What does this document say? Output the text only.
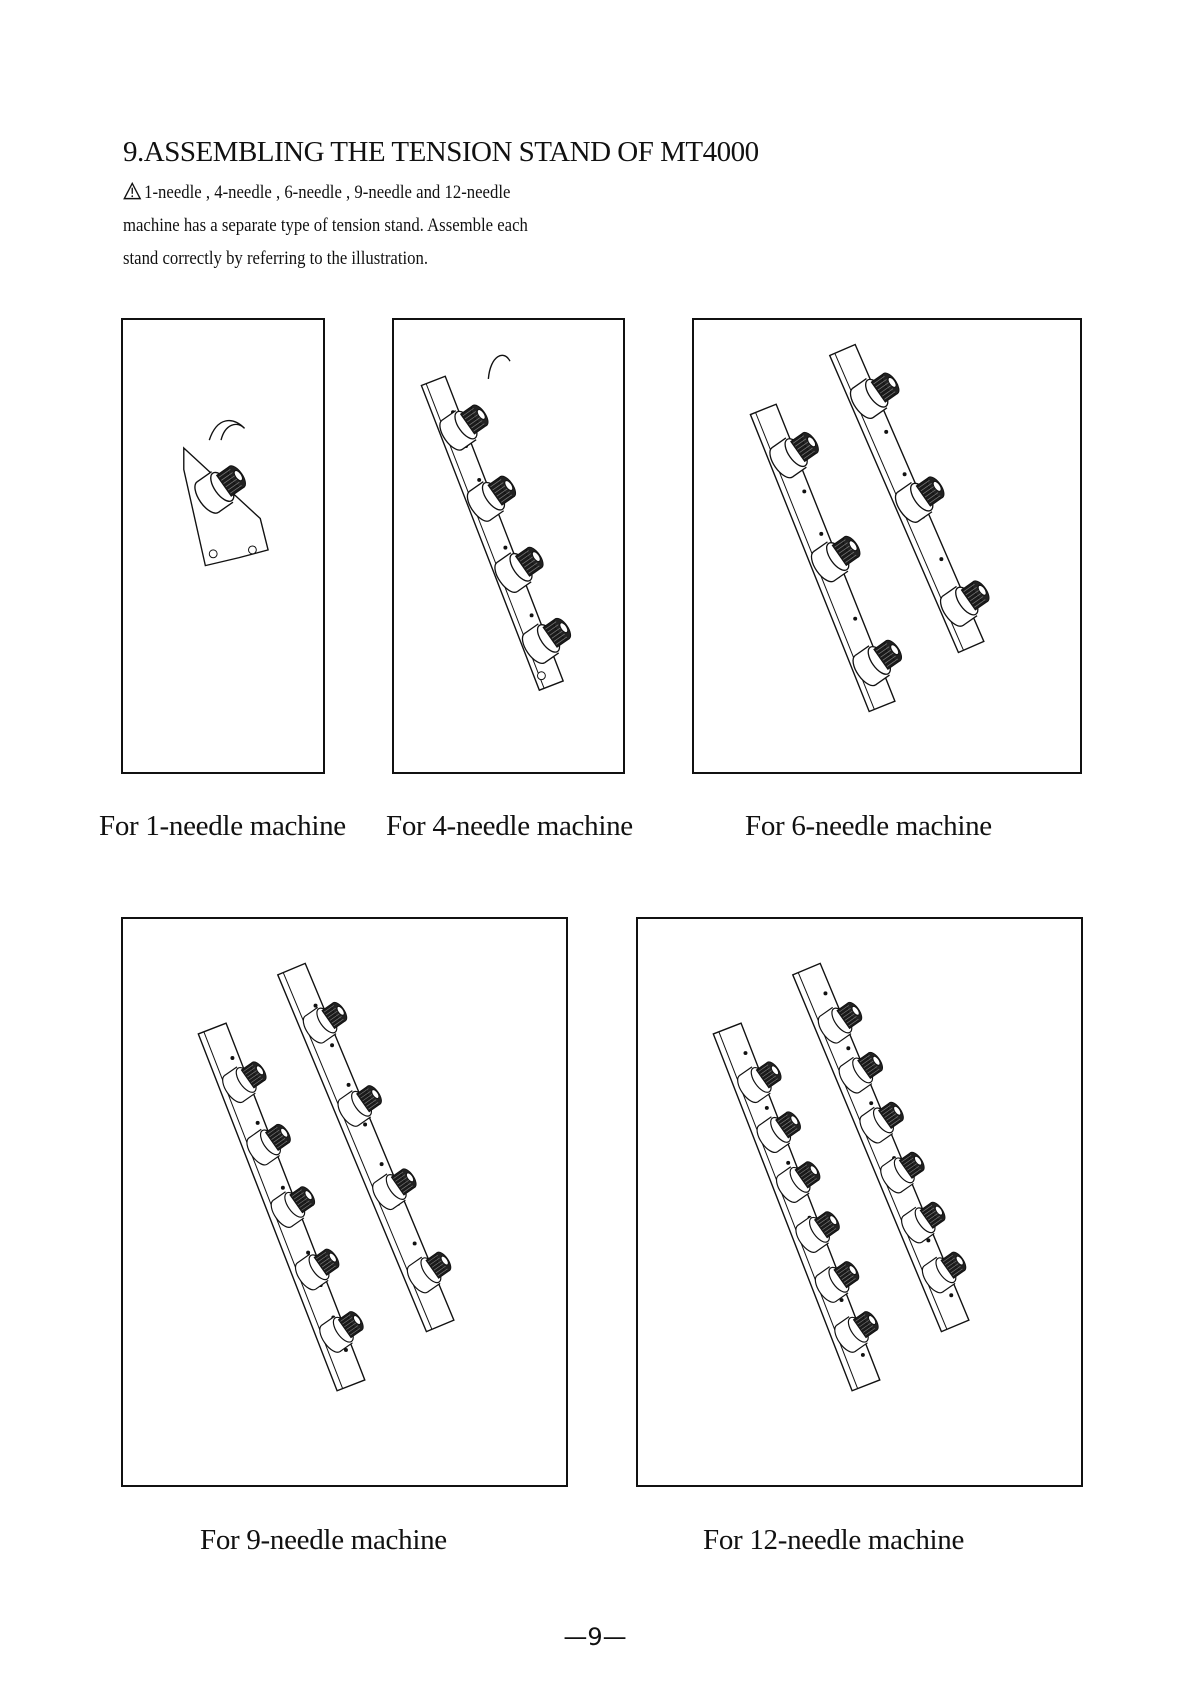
9.ASSEMBLING THE TENSION STAND OF MT4000
1-needle , 4-needle , 6-needle , 9-needle and 12-needle
machine has a separate type of tension stand. Assemble each
stand correctly by referring to the illustration.
For 1-needle machine For 4-needle machine	For 6-needle machine
For 9-needle machine	For 12-needle machine
—9—
